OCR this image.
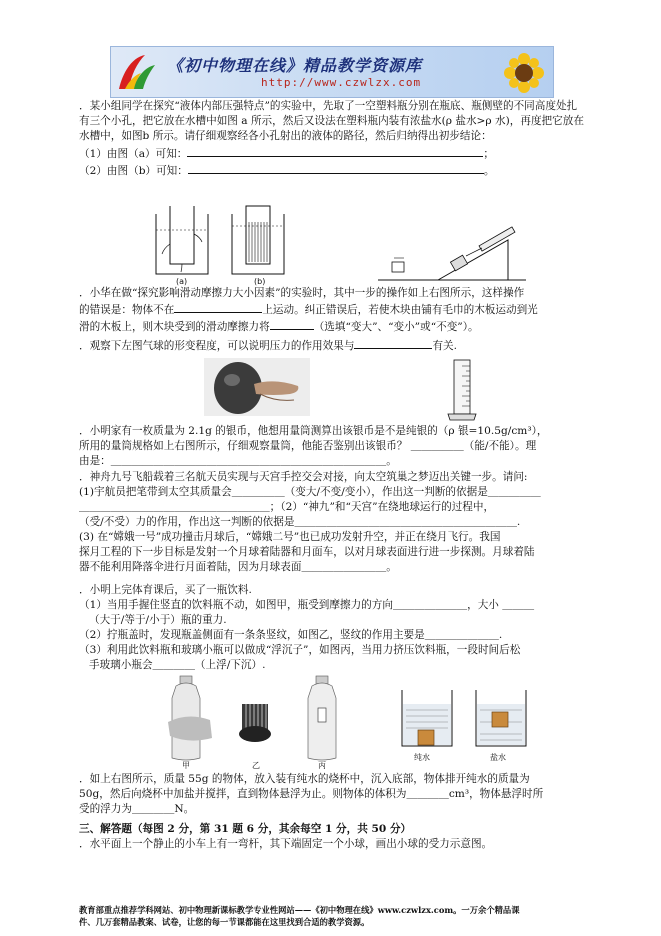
《初中物理在线》精品教学资源库
http://www.czwlzx.com

．某小组同学在探究“液体内部压强特点”的实验中，先取了一空塑料瓶分别在瓶底、瓶侧壁的不同高度处扎有三个小孔，把它放在水槽中如图 a 所示，然后又设法在塑料瓶内装有浓盐水(ρ 盐水>ρ 水)，再度把它放在水槽中，如图b 所示。请仔细观察经各小孔射出的液体的路径，然后归纳得出初步结论：

（1）由图（a）可知：	；

（2）由图（b）可知：	。

(a)	(b)

．小华在做“探究影响滑动摩擦力大小因素”的实验时，其中一步的操作如上右图所示，这样操作

的错误是：物体不在	上运动。纠正错误后，若使木块由铺有毛巾的木板运动到光

滑的木板上，则木块受到的滑动摩擦力将	（选填“变大”、“变小”或“不变”）。

．观察下左图气球的形变程度，可以说明压力的作用效果与	有关.

．小明家有一枚质量为 2.1g 的银币，他想用量筒测算出该银币是不是纯银的（ρ 银=10.5g/cm³），

所用的量筒规格如上右图所示，仔细观察量筒，他能否鉴别出该银币？ ＿＿＿＿＿（能/不能）。理

由是：＿＿＿＿＿＿＿＿＿＿＿＿＿＿＿＿＿＿＿＿＿＿＿＿＿＿。

．神舟九号飞船载着三名航天员实现与天宫手控交会对接，向太空筑巢之梦迈出关键一步。请问:

(1)宇航员把笔带到太空其质量会＿＿＿＿＿（变大/不变/变小），作出这一判断的依据是＿＿＿＿＿

＿＿＿＿＿＿＿＿＿＿＿＿＿＿＿＿＿＿；（2）“神九”和“天宫”在绕地球运行的过程中，

（受/不受）力的作用，作出这一判断的依据是＿＿＿＿＿＿＿＿＿＿＿＿＿＿＿＿＿＿＿＿＿.

(3) 在“嫦娥一号”成功撞击月球后，“嫦娥二号”也已成功发射升空，并正在绕月飞行。我国

探月工程的下一步目标是发射一个月球着陆器和月面车，以对月球表面进行进一步探测。月球着陆

器不能利用降落伞进行月面着陆，因为月球表面＿＿＿＿＿＿＿＿。

．小明上完体育课后，买了一瓶饮料.

（1）当用手握住竖直的饮料瓶不动，如图甲，瓶受到摩擦力的方向＿＿＿＿＿＿＿，大小 ＿＿＿

（大于/等于/小于）瓶的重力.

（2）拧瓶盖时，发现瓶盖侧面有一条条竖纹，如图乙，竖纹的作用主要是＿＿＿＿＿＿＿.

（3）利用此饮料瓶和玻璃小瓶可以做成“浮沉子”，如图丙，当用力挤压饮料瓶，一段时间后松

手玻璃小瓶会＿＿＿＿（上浮/下沉）.

甲	乙	丙
纯水	盐水

．如上右图所示，质量 55g 的物体，放入装有纯水的烧杯中，沉入底部，物体排开纯水的质量为

50g，然后向烧杯中加盐并搅拌，直到物体悬浮为止。则物体的体积为＿＿＿＿cm³，物体悬浮时所

受的浮力为＿＿＿＿N。

三、解答题（每图 2 分，第 31 题 6 分，其余每空 1 分，共 50 分）

．水平面上一个静止的小车上有一弯杆，其下端固定一个小球，画出小球的受力示意图。

教育部重点推荐学科网站、初中物理新课标教学专业性网站——《初中物理在线》www.czwlzx.com。一万余个精品课

件、几万套精品教案、试卷，让您的每一节课都能在这里找到合适的教学资源。
